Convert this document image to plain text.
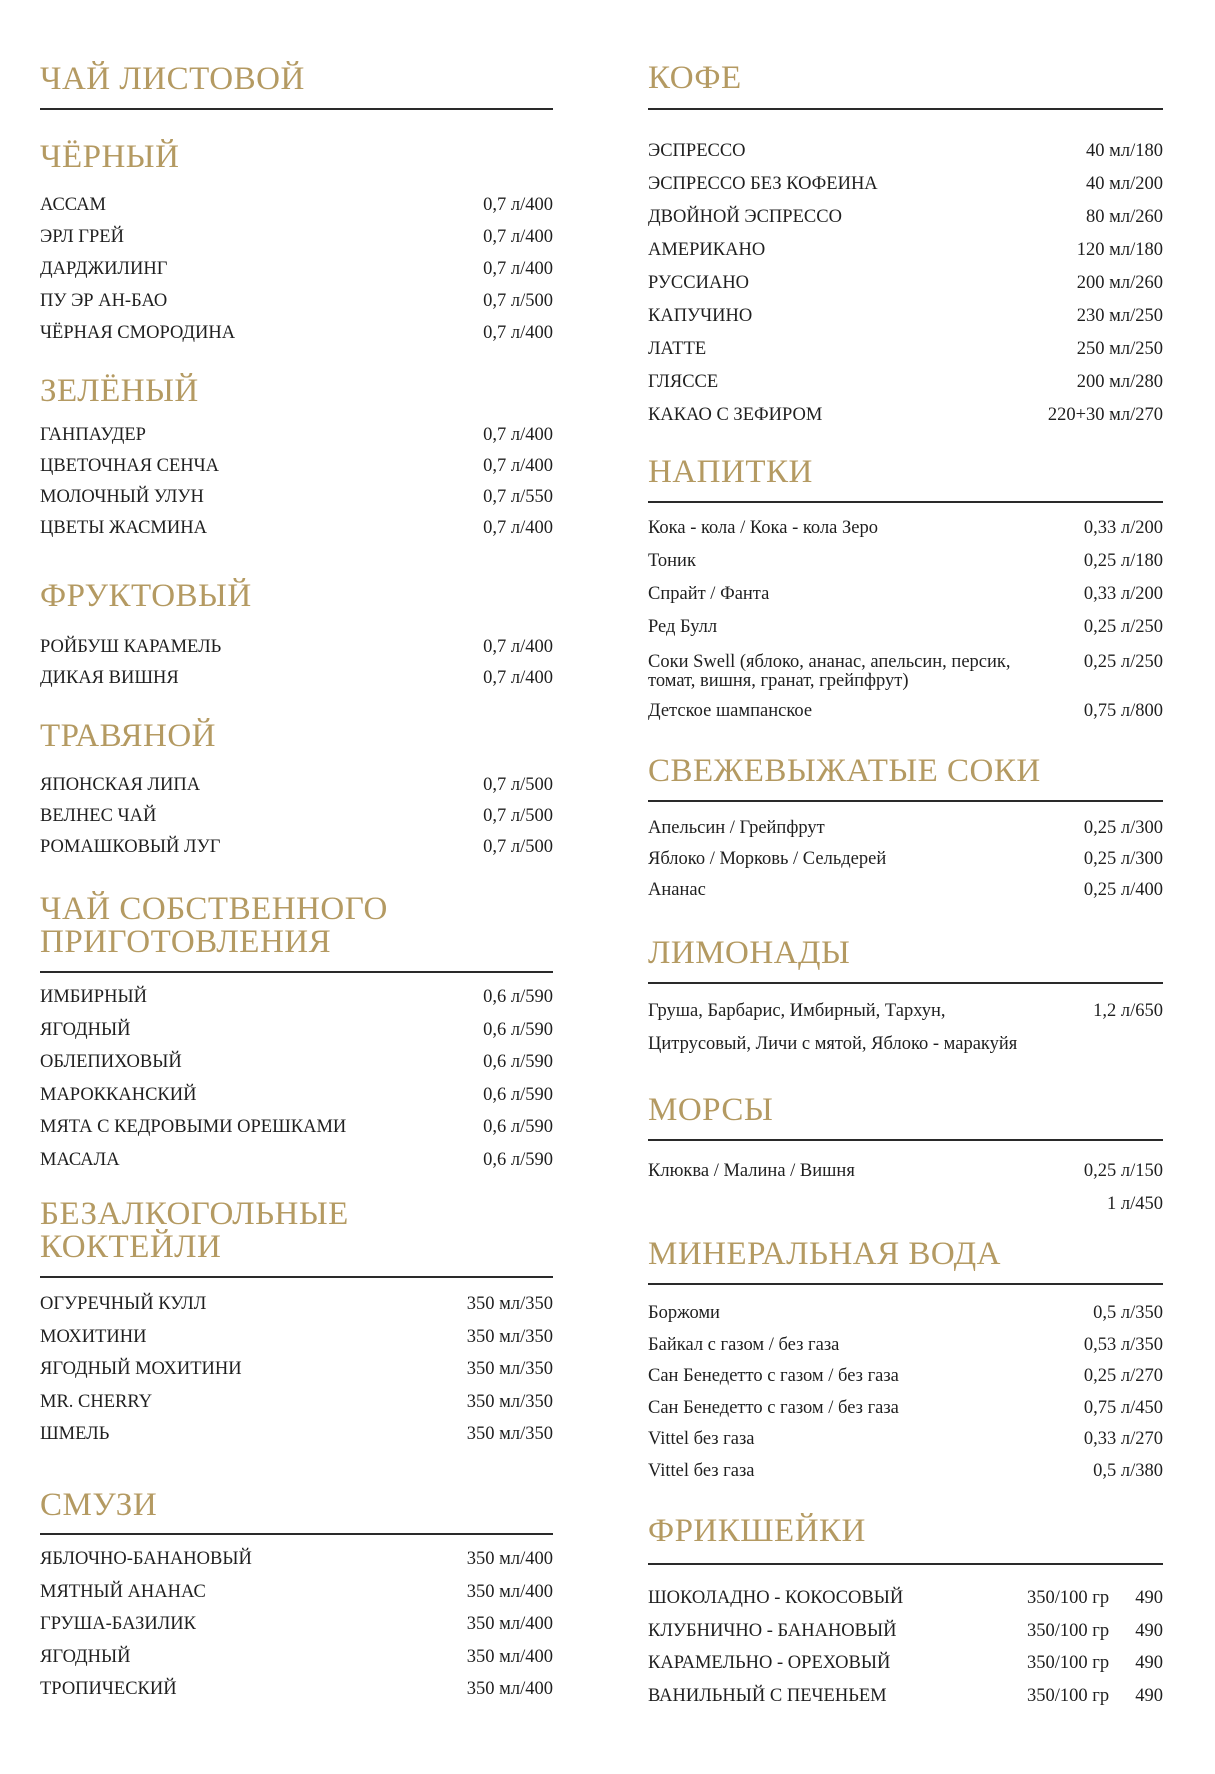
ЧАЙ ЛИСТОВОЙ
ЧЁРНЫЙ
АССАМ	0,7 л/400
ЭРЛ ГРЕЙ	0,7 л/400
ДАРДЖИЛИНГ	0,7 л/400
ПУ ЭР АН-БАО	0,7 л/500
ЧЁРНАЯ СМОРОДИНА	0,7 л/400
ЗЕЛЁНЫЙ
ГАНПАУДЕР	0,7 л/400
ЦВЕТОЧНАЯ СЕНЧА	0,7 л/400
МОЛОЧНЫЙ УЛУН	0,7 л/550
ЦВЕТЫ ЖАСМИНА	0,7 л/400
ФРУКТОВЫЙ
РОЙБУШ КАРАМЕЛЬ	0,7 л/400
ДИКАЯ ВИШНЯ	0,7 л/400
ТРАВЯНОЙ
ЯПОНСКАЯ ЛИПА	0,7 л/500
ВЕЛНЕС ЧАЙ	0,7 л/500
РОМАШКОВЫЙ ЛУГ	0,7 л/500
ЧАЙ СОБСТВЕННОГО
ПРИГОТОВЛЕНИЯ
ИМБИРНЫЙ	0,6 л/590
ЯГОДНЫЙ	0,6 л/590
ОБЛЕПИХОВЫЙ	0,6 л/590
МАРОККАНСКИЙ	0,6 л/590
МЯТА С КЕДРОВЫМИ ОРЕШКАМИ	0,6 л/590
МАСАЛА	0,6 л/590
БЕЗАЛКОГОЛЬНЫЕ
КОКТЕЙЛИ
ОГУРЕЧНЫЙ КУЛЛ	350 мл/350
МОХИТИНИ	350 мл/350
ЯГОДНЫЙ МОХИТИНИ	350 мл/350
MR. CHERRY	350 мл/350
ШМЕЛЬ	350 мл/350
СМУЗИ
ЯБЛОЧНО-БАНАНОВЫЙ	350 мл/400
МЯТНЫЙ АНАНАС	350 мл/400
ГРУША-БАЗИЛИК	350 мл/400
ЯГОДНЫЙ	350 мл/400
ТРОПИЧЕСКИЙ	350 мл/400
КОФЕ
ЭСПРЕССО	40 мл/180
ЭСПРЕССО БЕЗ КОФЕИНА	40 мл/200
ДВОЙНОЙ ЭСПРЕССО	80 мл/260
АМЕРИКАНО	120 мл/180
РУССИАНО	200 мл/260
КАПУЧИНО	230 мл/250
ЛАТТЕ	250 мл/250
ГЛЯССЕ	200 мл/280
КАКАО С ЗЕФИРОМ	220+30 мл/270
НАПИТКИ
Кока - кола / Кока - кола Зеро	0,33 л/200
Тоник	0,25 л/180
Спрайт / Фанта	0,33 л/200
Ред Булл	0,25 л/250
Соки Swell (яблоко, ананас, апельсин, персик,
томат, вишня, гранат, грейпфрут)
0,25 л/250
Детское шампанское	0,75 л/800
СВЕЖЕВЫЖАТЫЕ СОКИ
Апельсин / Грейпфрут	0,25 л/300
Яблоко / Морковь / Сельдерей	0,25 л/300
Ананас	0,25 л/400
ЛИМОНАДЫ
Груша, Барбарис, Имбирный, Тархун,	1,2 л/650
Цитрусовый, Личи с мятой, Яблоко - маракуйя
МОРСЫ
Клюква / Малина / Вишня	0,25 л/150
1 л/450
МИНЕРАЛЬНАЯ ВОДА
Боржоми	0,5 л/350
Байкал с газом / без газа	0,53 л/350
Сан Бенедетто с газом / без газа	0,25 л/270
Сан Бенедетто с газом / без газа	0,75 л/450
Vittel без газа	0,33 л/270
Vittel без газа	0,5 л/380
ФРИКШЕЙКИ
ШОКОЛАДНО - КОКОСОВЫЙ	350/100 гр	490
КЛУБНИЧНО - БАНАНОВЫЙ	350/100 гр	490
КАРАМЕЛЬНО - ОРЕХОВЫЙ	350/100 гр	490
ВАНИЛЬНЫЙ С ПЕЧЕНЬЕМ	350/100 гр	490
